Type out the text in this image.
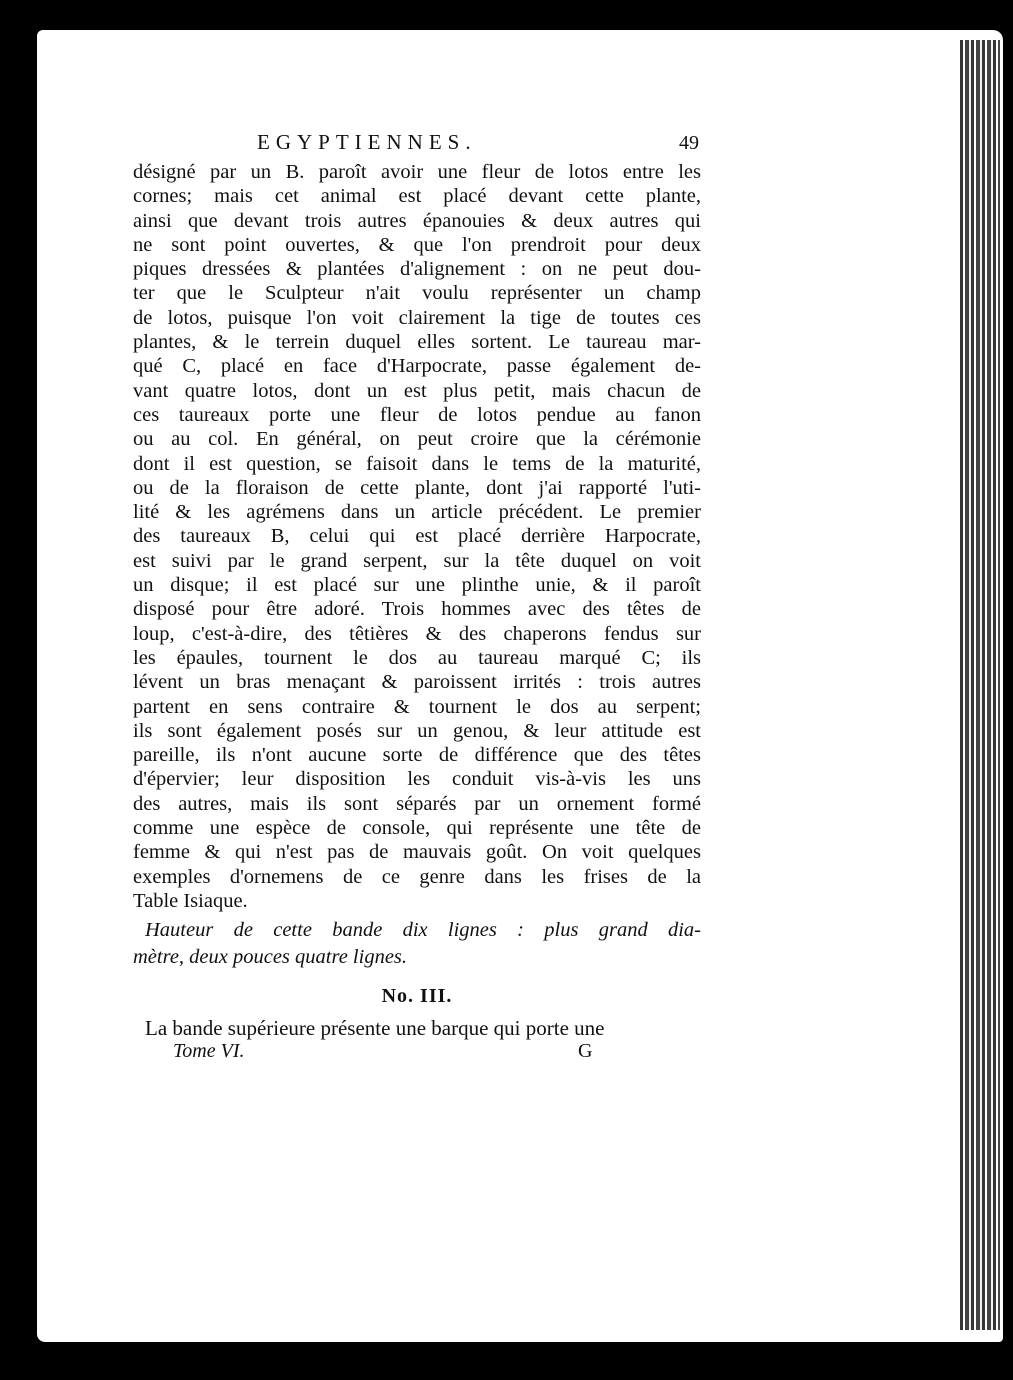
EGYPTIENNES.	49
désigné par un B. paroît avoir une fleur de lotos entre les
cornes; mais cet animal est placé devant cette plante,
ainsi que devant trois autres épanouies & deux autres qui
ne sont point ouvertes, & que l'on prendroit pour deux
piques dressées & plantées d'alignement : on ne peut dou-
ter que le Sculpteur n'ait voulu représenter un champ
de lotos, puisque l'on voit clairement la tige de toutes ces
plantes, & le terrein duquel elles sortent. Le taureau mar-
qué C, placé en face d'Harpocrate, passe également de-
vant quatre lotos, dont un est plus petit, mais chacun de
ces taureaux porte une fleur de lotos pendue au fanon
ou au col. En général, on peut croire que la cérémonie
dont il est question, se faisoit dans le tems de la maturité,
ou de la floraison de cette plante, dont j'ai rapporté l'uti-
lité & les agrémens dans un article précédent. Le premier
des taureaux B, celui qui est placé derrière Harpocrate,
est suivi par le grand serpent, sur la tête duquel on voit
un disque; il est placé sur une plinthe unie, & il paroît
disposé pour être adoré. Trois hommes avec des têtes de
loup, c'est-à-dire, des têtières & des chaperons fendus sur
les épaules, tournent le dos au taureau marqué C; ils
lévent un bras menaçant & paroissent irrités : trois autres
partent en sens contraire & tournent le dos au serpent;
ils sont également posés sur un genou, & leur attitude est
pareille, ils n'ont aucune sorte de différence que des têtes
d'épervier; leur disposition les conduit vis-à-vis les uns
des autres, mais ils sont séparés par un ornement formé
comme une espèce de console, qui représente une tête de
femme & qui n'est pas de mauvais goût. On voit quelques
exemples d'ornemens de ce genre dans les frises de la
Table Isiaque.
Hauteur de cette bande dix lignes : plus grand dia-
mètre, deux pouces quatre lignes.
No. III.
La bande supérieure présente une barque qui porte une
Tome VI.	G
